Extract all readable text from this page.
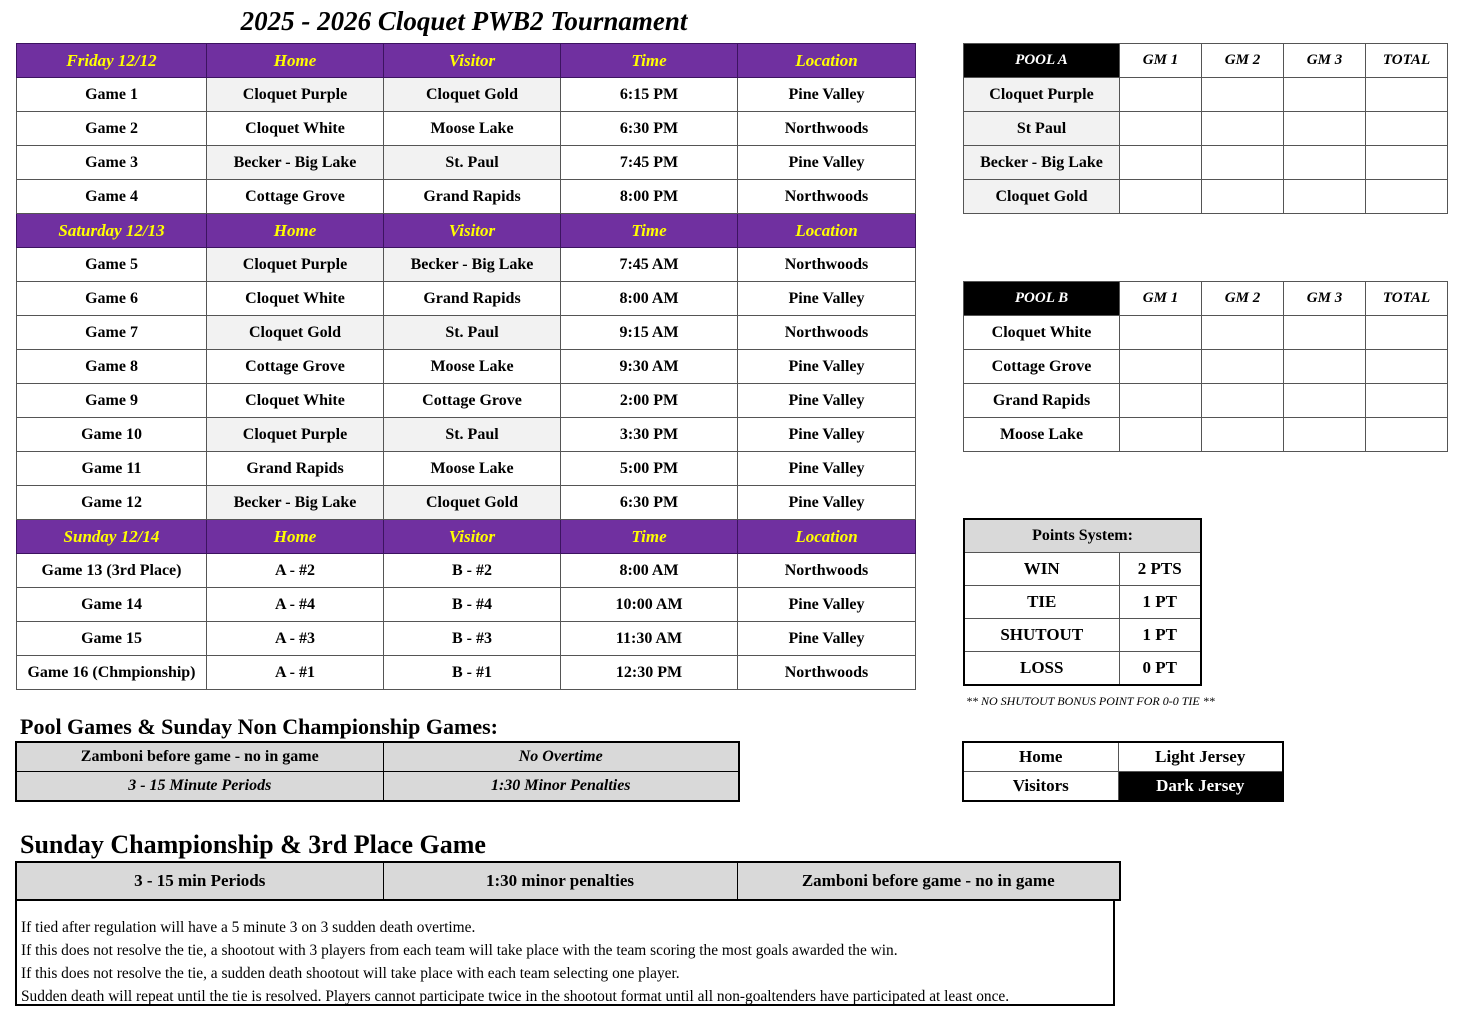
2025 - 2026 Cloquet PWB2 Tournament
Friday 12/12	Home	Visitor	Time	Location
Game 1	Cloquet Purple	Cloquet Gold	6:15 PM	Pine Valley
Game 2	Cloquet White	Moose Lake	6:30 PM	Northwoods
Game 3	Becker - Big Lake	St. Paul	7:45 PM	Pine Valley
Game 4	Cottage Grove	Grand Rapids	8:00 PM	Northwoods
Saturday 12/13	Home	Visitor	Time	Location
Game 5	Cloquet Purple	Becker - Big Lake	7:45 AM	Northwoods
Game 6	Cloquet White	Grand Rapids	8:00 AM	Pine Valley
Game 7	Cloquet Gold	St. Paul	9:15 AM	Northwoods
Game 8	Cottage Grove	Moose Lake	9:30 AM	Pine Valley
Game 9	Cloquet White	Cottage Grove	2:00 PM	Pine Valley
Game 10	Cloquet Purple	St. Paul	3:30 PM	Pine Valley
Game 11	Grand Rapids	Moose Lake	5:00 PM	Pine Valley
Game 12	Becker - Big Lake	Cloquet Gold	6:30 PM	Pine Valley
Sunday 12/14	Home	Visitor	Time	Location
Game 13 (3rd Place)	A - #2	B - #2	8:00 AM	Northwoods
Game 14	A - #4	B - #4	10:00 AM	Pine Valley
Game 15	A - #3	B - #3	11:30 AM	Pine Valley
Game 16 (Chmpionship)	A - #1	B - #1	12:30 PM	Northwoods
POOL A	GM 1	GM 2	GM 3	TOTAL
Cloquet Purple				
St Paul				
Becker - Big Lake				
Cloquet Gold				
POOL B	GM 1	GM 2	GM 3	TOTAL
Cloquet White				
Cottage Grove				
Grand Rapids				
Moose Lake				
Points System:	
WIN	2 PTS
TIE	1 PT
SHUTOUT	1 PT
LOSS	0 PT
** NO SHUTOUT BONUS POINT FOR 0-0 TIE **
Home	Light Jersey
Visitors	Dark Jersey
Pool Games & Sunday Non Championship Games:
Zamboni before game - no in game	No Overtime
3 - 15 Minute Periods	1:30 Minor Penalties
Sunday Championship & 3rd Place Game
3 - 15 min Periods	1:30 minor penalties	Zamboni before game - no in game
If tied after regulation will have a 5 minute 3 on 3 sudden death overtime.
If this does not resolve the tie, a shootout with 3 players from each team will take place with the team scoring the most goals awarded the win.
If this does not resolve the tie, a sudden death shootout will take place with each team selecting one player.
Sudden death will repeat until the tie is resolved. Players cannot participate twice in the shootout format until all non-goaltenders have participated at least once.
